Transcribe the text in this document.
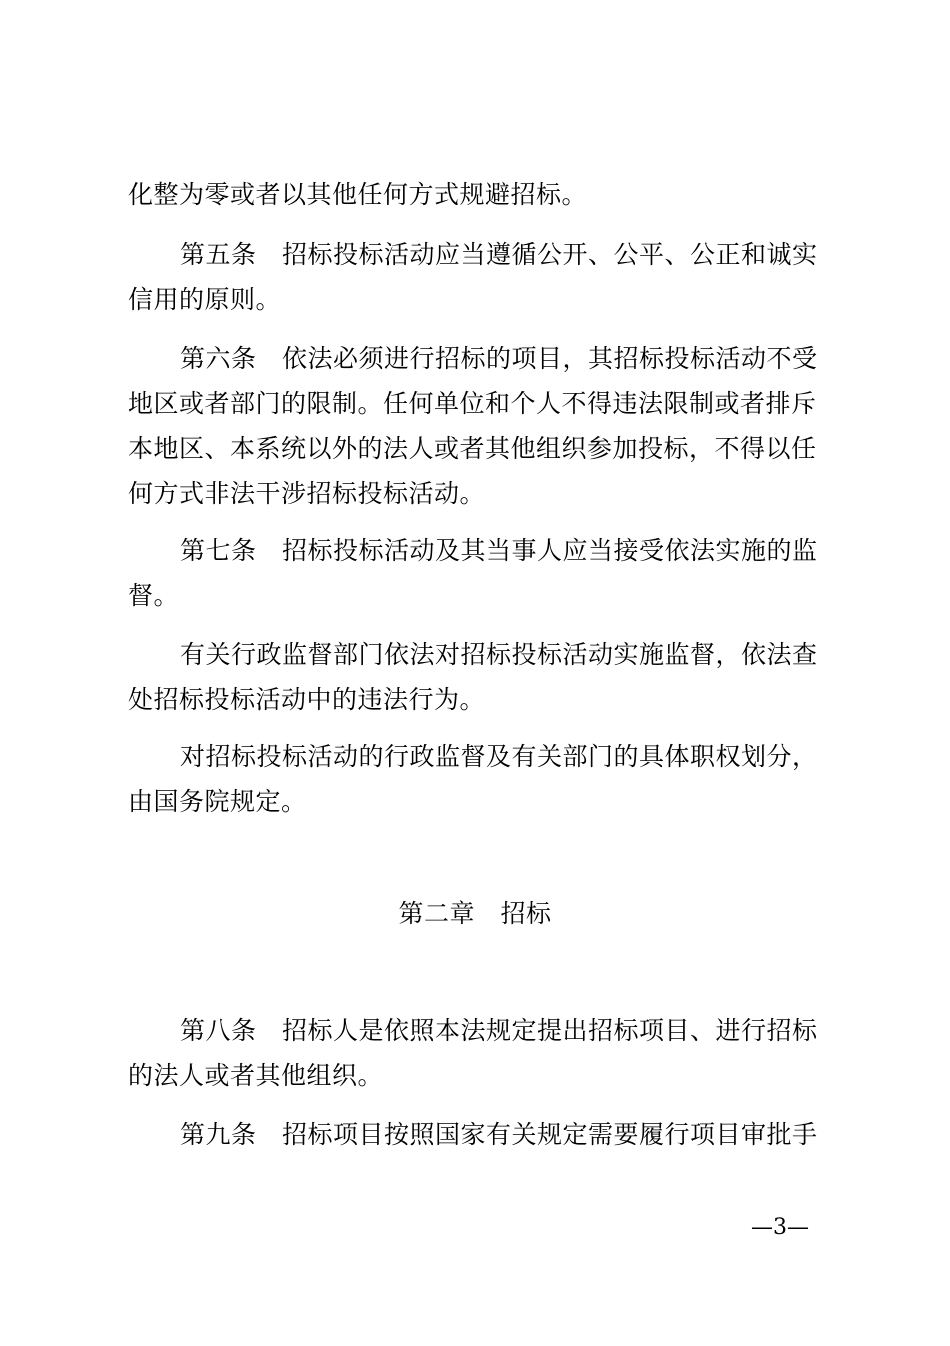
化整为零或者以其他任何方式规避招标。

第五条　招标投标活动应当遵循公开、公平、公正和诚实信用的原则。

第六条　依法必须进行招标的项目，其招标投标活动不受地区或者部门的限制。任何单位和个人不得违法限制或者排斥本地区、本系统以外的法人或者其他组织参加投标，不得以任何方式非法干涉招标投标活动。

第七条　招标投标活动及其当事人应当接受依法实施的监督。

有关行政监督部门依法对招标投标活动实施监督，依法查处招标投标活动中的违法行为。

对招标投标活动的行政监督及有关部门的具体职权划分，由国务院规定。

第二章　招标

第八条　招标人是依照本法规定提出招标项目、进行招标的法人或者其他组织。

第九条　招标项目按照国家有关规定需要履行项目审批手

—3—
